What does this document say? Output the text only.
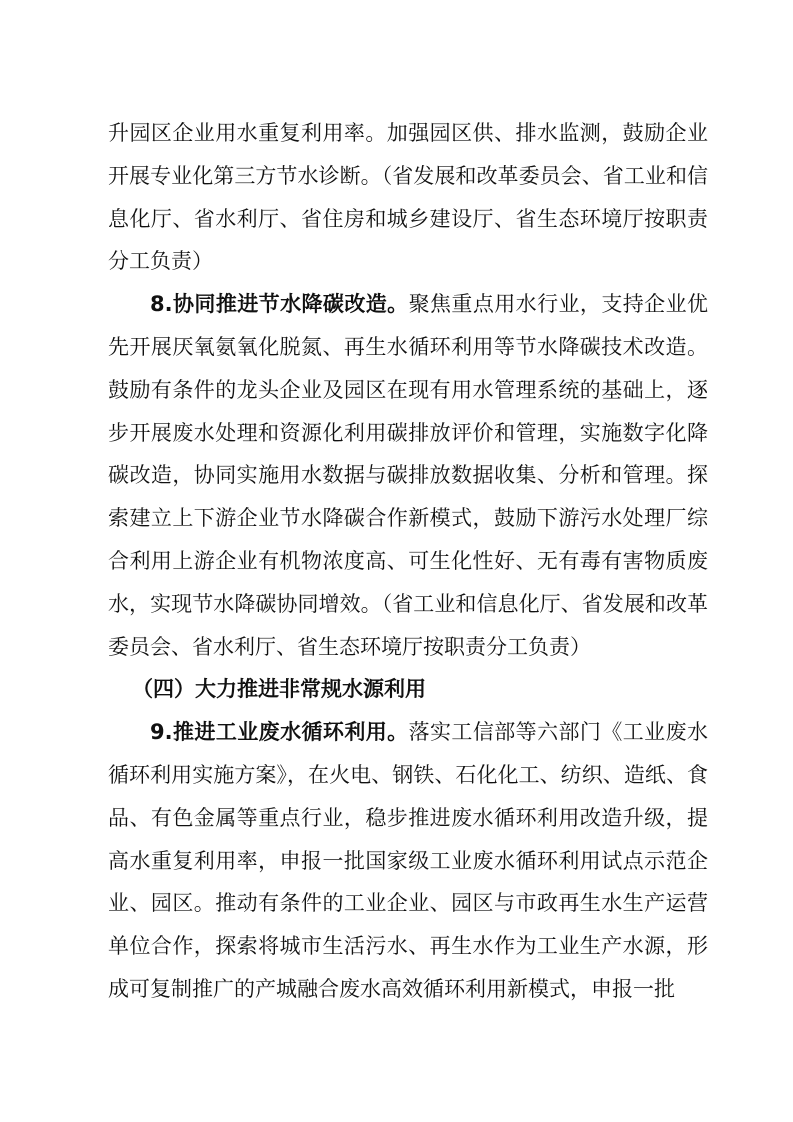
升园区企业用水重复利用率。加强园区供、排水监测，鼓励企业开展专业化第三方节水诊断。（省发展和改革委员会、省工业和信息化厅、省水利厅、省住房和城乡建设厅、省生态环境厅按职责分工负责）

8.协同推进节水降碳改造。聚焦重点用水行业，支持企业优先开展厌氧氨氧化脱氮、再生水循环利用等节水降碳技术改造。鼓励有条件的龙头企业及园区在现有用水管理系统的基础上，逐步开展废水处理和资源化利用碳排放评价和管理，实施数字化降碳改造，协同实施用水数据与碳排放数据收集、分析和管理。探索建立上下游企业节水降碳合作新模式，鼓励下游污水处理厂综合利用上游企业有机物浓度高、可生化性好、无有毒有害物质废水，实现节水降碳协同增效。（省工业和信息化厅、省发展和改革委员会、省水利厅、省生态环境厅按职责分工负责）

（四）大力推进非常规水源利用

9.推进工业废水循环利用。落实工信部等六部门《工业废水循环利用实施方案》，在火电、钢铁、石化化工、纺织、造纸、食品、有色金属等重点行业，稳步推进废水循环利用改造升级，提高水重复利用率，申报一批国家级工业废水循环利用试点示范企业、园区。推动有条件的工业企业、园区与市政再生水生产运营单位合作，探索将城市生活污水、再生水作为工业生产水源，形成可复制推广的产城融合废水高效循环利用新模式，申报一批
